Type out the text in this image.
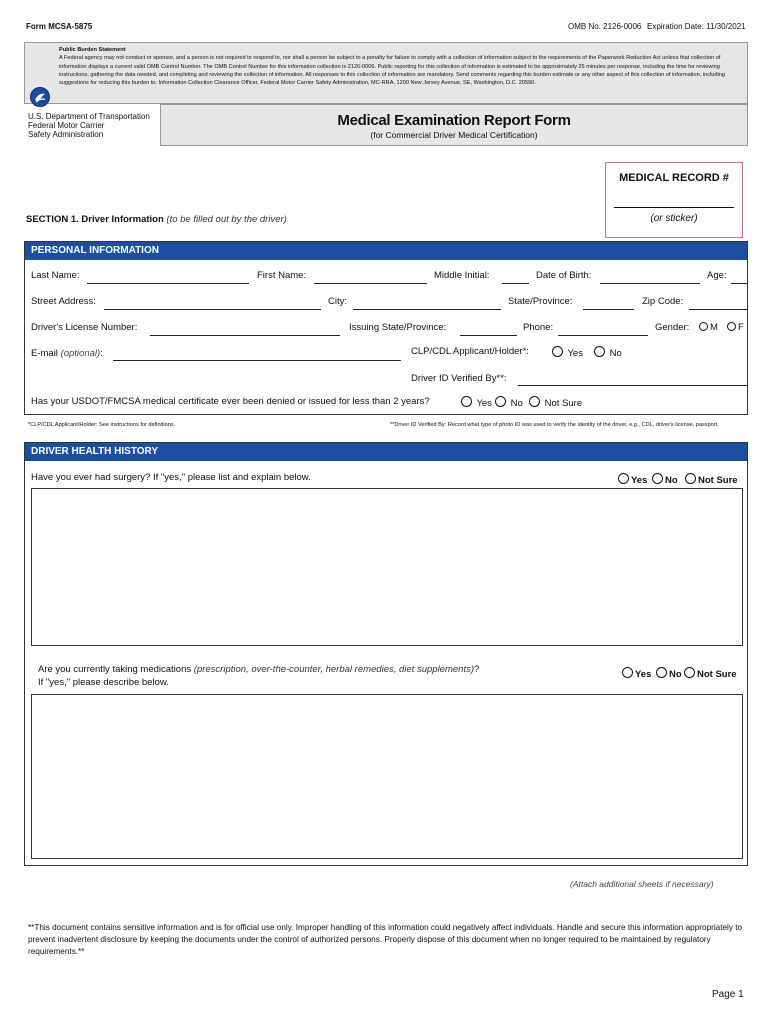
Form MCSA-5875	OMB No. 2126-0006 Expiration Date: 11/30/2021
Public Burden Statement
A Federal agency may not conduct or sponsor, and a person is not required to respond to, nor shall a person be subject to a penalty for failure to comply with a collection of information subject to the requirements of the Paperwork Reduction Act unless that collection of information displays a current valid OMB Control Number. The OMB Control Number for this information collection is 2126-0006. Public reporting for this collection of information is estimated to be approximately 25 minutes per response, including the time for reviewing instructions, gathering the data needed, and completing and reviewing the collection of information. All responses to this collection of information are mandatory. Send comments regarding this burden estimate or any other aspect of this collection of information, including suggestions for reducing this burden to: Information Collection Clearance Officer, Federal Motor Carrier Safety Administration, MC-RRA, 1200 New Jersey Avenue, SE, Washington, D.C. 20590.
U.S. Department of Transportation
Federal Motor Carrier
Safety Administration
Medical Examination Report Form
(for Commercial Driver Medical Certification)
MEDICAL RECORD #
(or sticker)
SECTION 1. Driver Information (to be filled out by the driver)
PERSONAL INFORMATION
Last Name:	First Name:	Middle Initial:	Date of Birth:	Age:
Street Address:	City:	State/Province:	Zip Code:
Driver's License Number:	Issuing State/Province:	Phone:	Gender:	M	F
E-mail (optional):	CLP/CDL Applicant/Holder*:	Yes	No
Driver ID Verified By**:
Has your USDOT/FMCSA medical certificate ever been denied or issued for less than 2 years?	Yes	No	Not Sure
*CLP/CDL Applicant/Holder: See instructions for definitions.	**Driver ID Verified By: Record what type of photo ID was used to verify the identity of the driver, e.g., CDL, driver's license, passport.
DRIVER HEALTH HISTORY
Have you ever had surgery? If "yes," please list and explain below.	Yes	No	Not Sure
Are you currently taking medications (prescription, over-the-counter, herbal remedies, diet supplements)?
If "yes," please describe below.
Yes	No	Not Sure
(Attach additional sheets if necessary)
**This document contains sensitive information and is for official use only. Improper handling of this information could negatively affect individuals. Handle and secure this information appropriately to prevent inadvertent disclosure by keeping the documents under the control of authorized persons. Properly dispose of this document when no longer required to be maintained by regulatory requirements.**
Page 1
